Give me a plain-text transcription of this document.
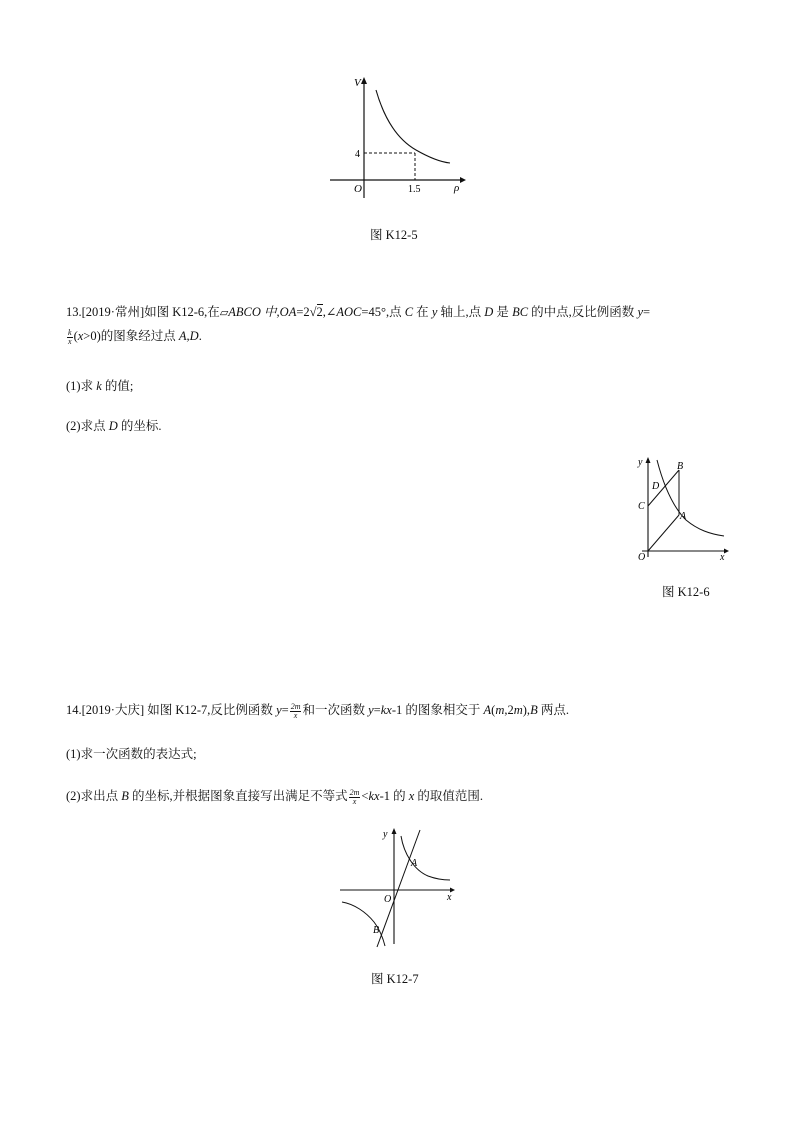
V
ρ
O
4
1.5
图 K12-5
13.[2019·常州]如图 K12-6,在▱ABCO 中,OA=2√2,∠AOC=45°,点 C 在 y 轴上,点 D 是 BC 的中点,反比例函数 y=
$\frac{k}{x} (x>0)$的图象经过点 A,D.
(1)求 k 的值;
(2)求点 D 的坐标.
y
x
O
B
D
C
A
图 K12-6
14.[2019·大庆] 如图 K12-7,反比例函数 $y= \frac{2m}{x}$ 和一次函数 y=kx-1 的图象相交于 A(m,2m),B 两点.
(1)求一次函数的表达式;
(2)求出点 B 的坐标,并根据图象直接写出满足不等式 $\frac{2m}{x} <kx-1$ 的 x 的取值范围.
y
x
O
A
B
图 K12-7
